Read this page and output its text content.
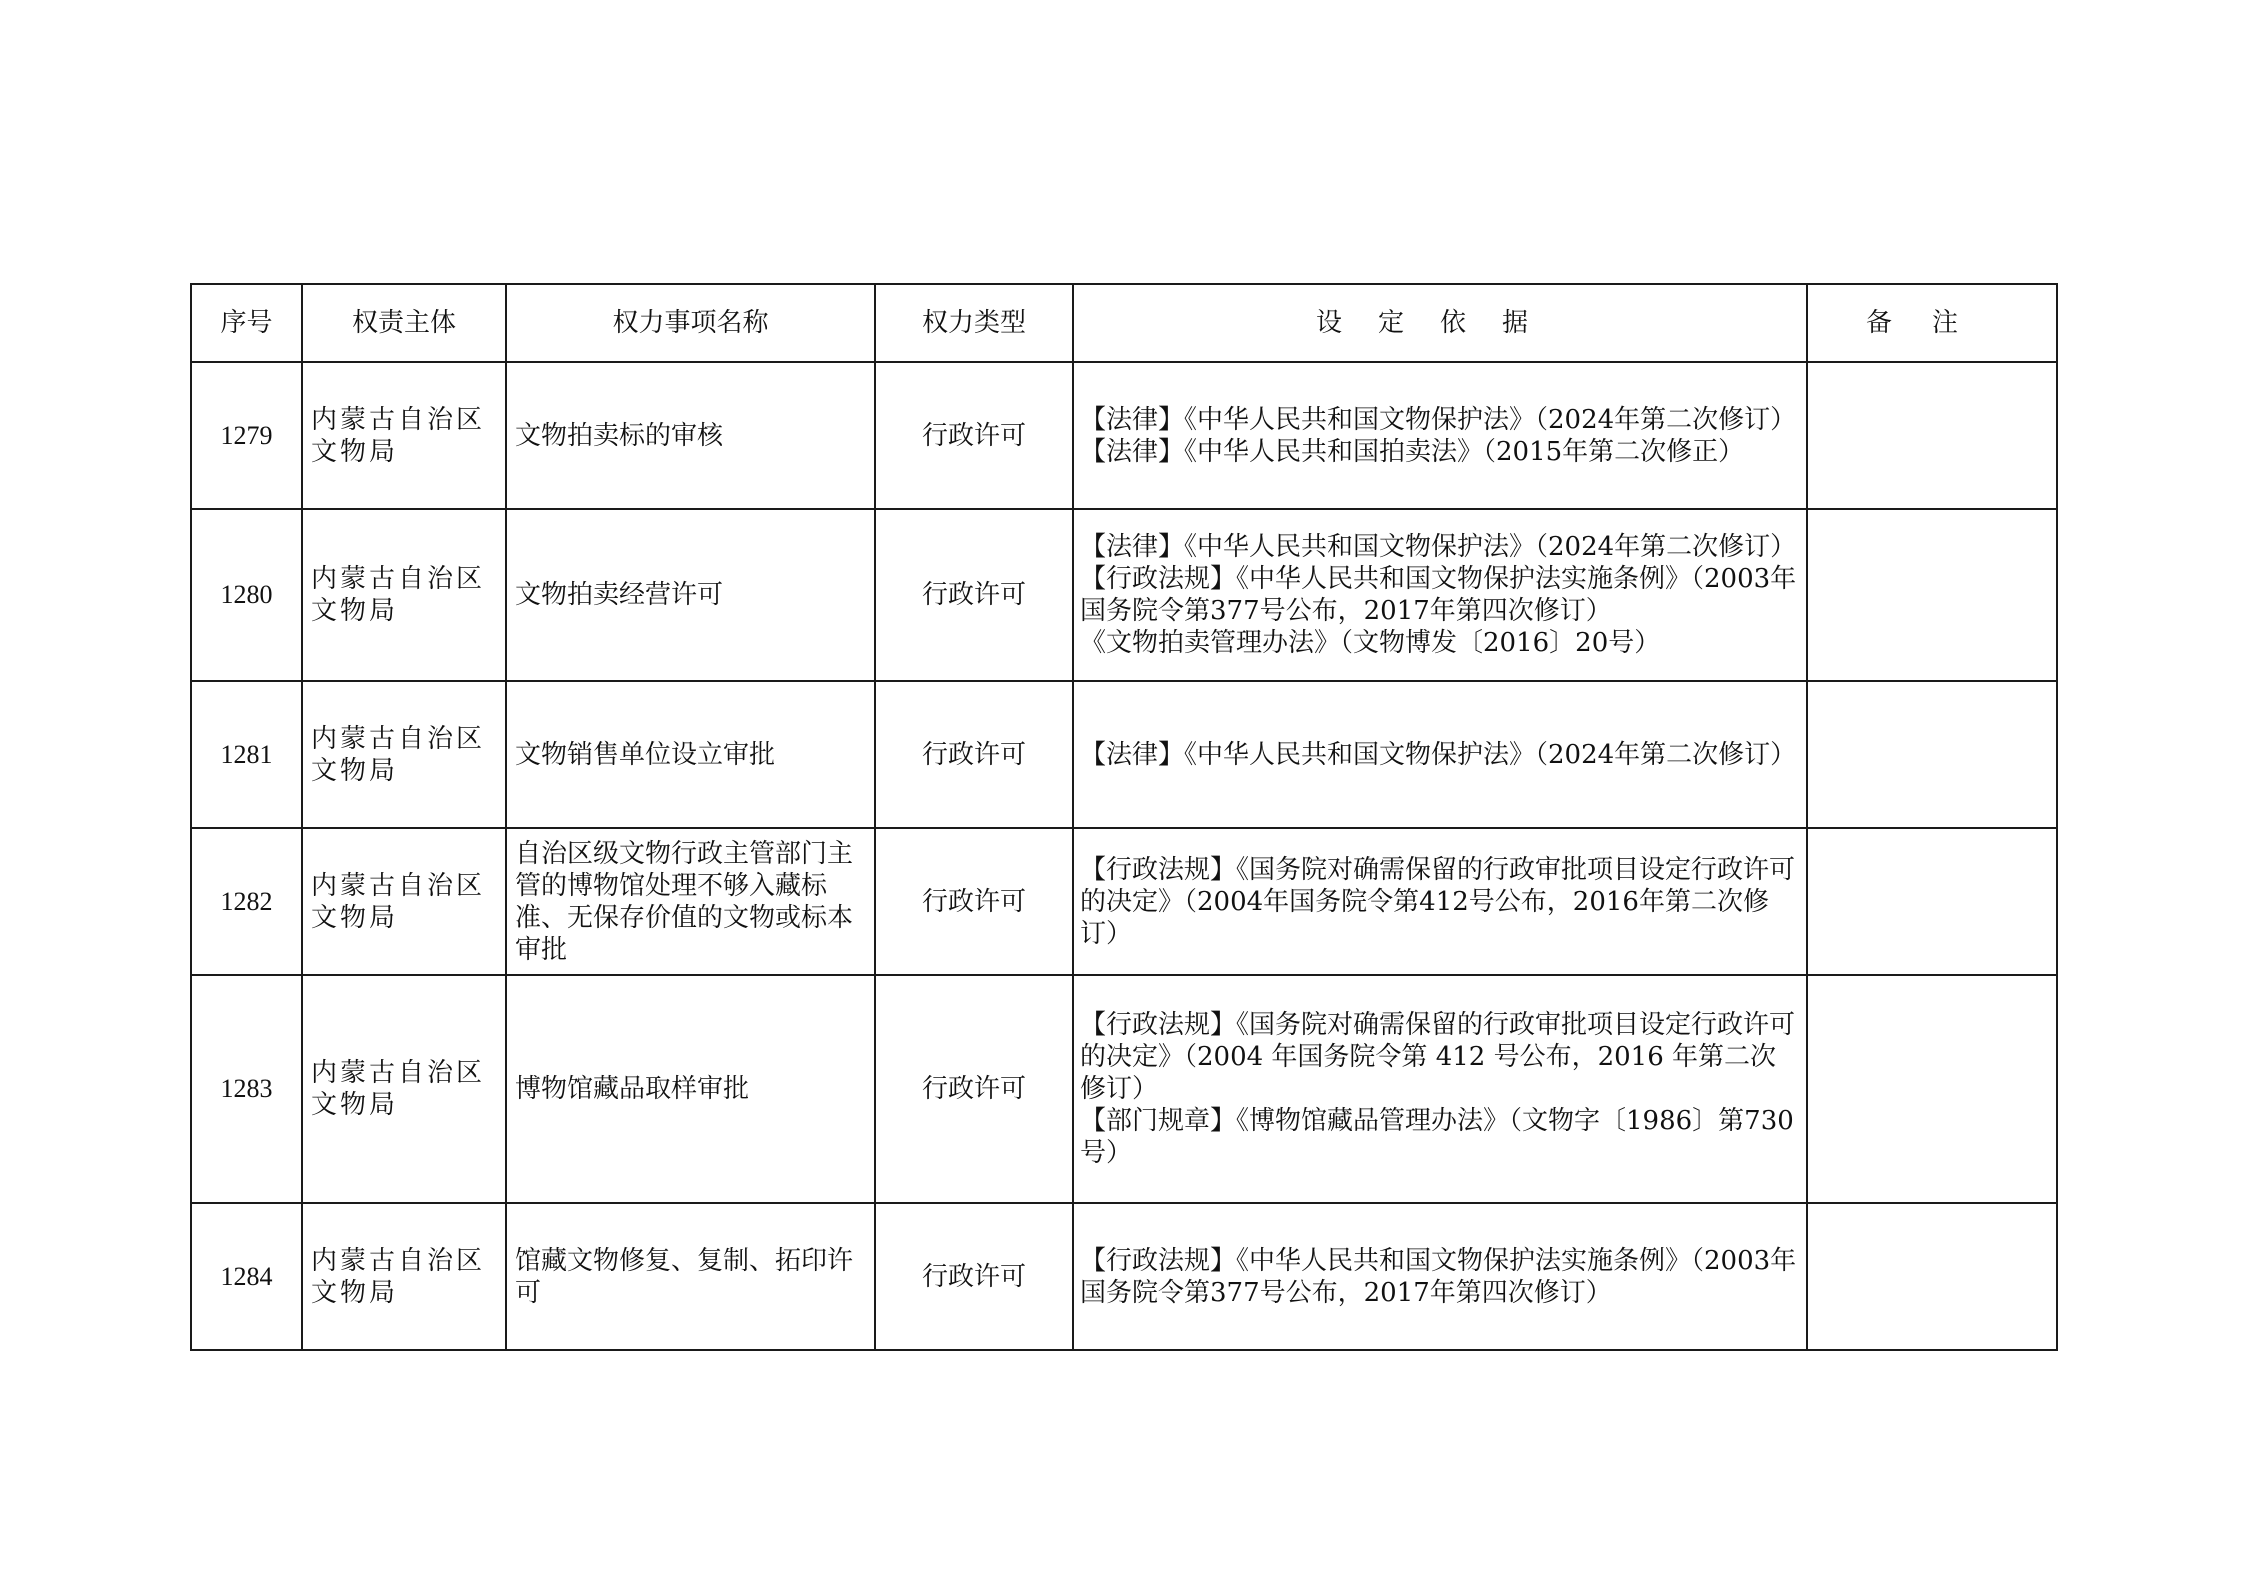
序号	权责主体	权力事项名称	权力类型	设定依据	备注
1279	内蒙古自治区文物局	文物拍卖标的审核	行政许可	【法律】《中华人民共和国文物保护法》（2024年第二次修订）
【法律】《中华人民共和国拍卖法》（2015年第二次修正）	

1280	内蒙古自治区文物局	文物拍卖经营许可	行政许可	【法律】《中华人民共和国文物保护法》（2024年第二次修订）
【行政法规】《中华人民共和国文物保护法实施条例》（2003年国务院令第377号公布，2017年第四次修订）
《文物拍卖管理办法》（文物博发〔2016〕20号）	

1281	内蒙古自治区文物局	文物销售单位设立审批	行政许可	【法律】《中华人民共和国文物保护法》（2024年第二次修订）	

1282	内蒙古自治区文物局	自治区级文物行政主管部门主管的博物馆处理不够入藏标准、无保存价值的文物或标本审批	行政许可	【行政法规】《国务院对确需保留的行政审批项目设定行政许可的决定》（2004年国务院令第412号公布，2016年第二次修订）	

1283	内蒙古自治区文物局	博物馆藏品取样审批	行政许可	【行政法规】《国务院对确需保留的行政审批项目设定行政许可的决定》（2004 年国务院令第 412 号公布，2016 年第二次修订）
【部门规章】《博物馆藏品管理办法》（文物字〔1986〕第730号）	

1284	内蒙古自治区文物局	馆藏文物修复、复制、拓印许可	行政许可	【行政法规】《中华人民共和国文物保护法实施条例》（2003年国务院令第377号公布，2017年第四次修订）	
